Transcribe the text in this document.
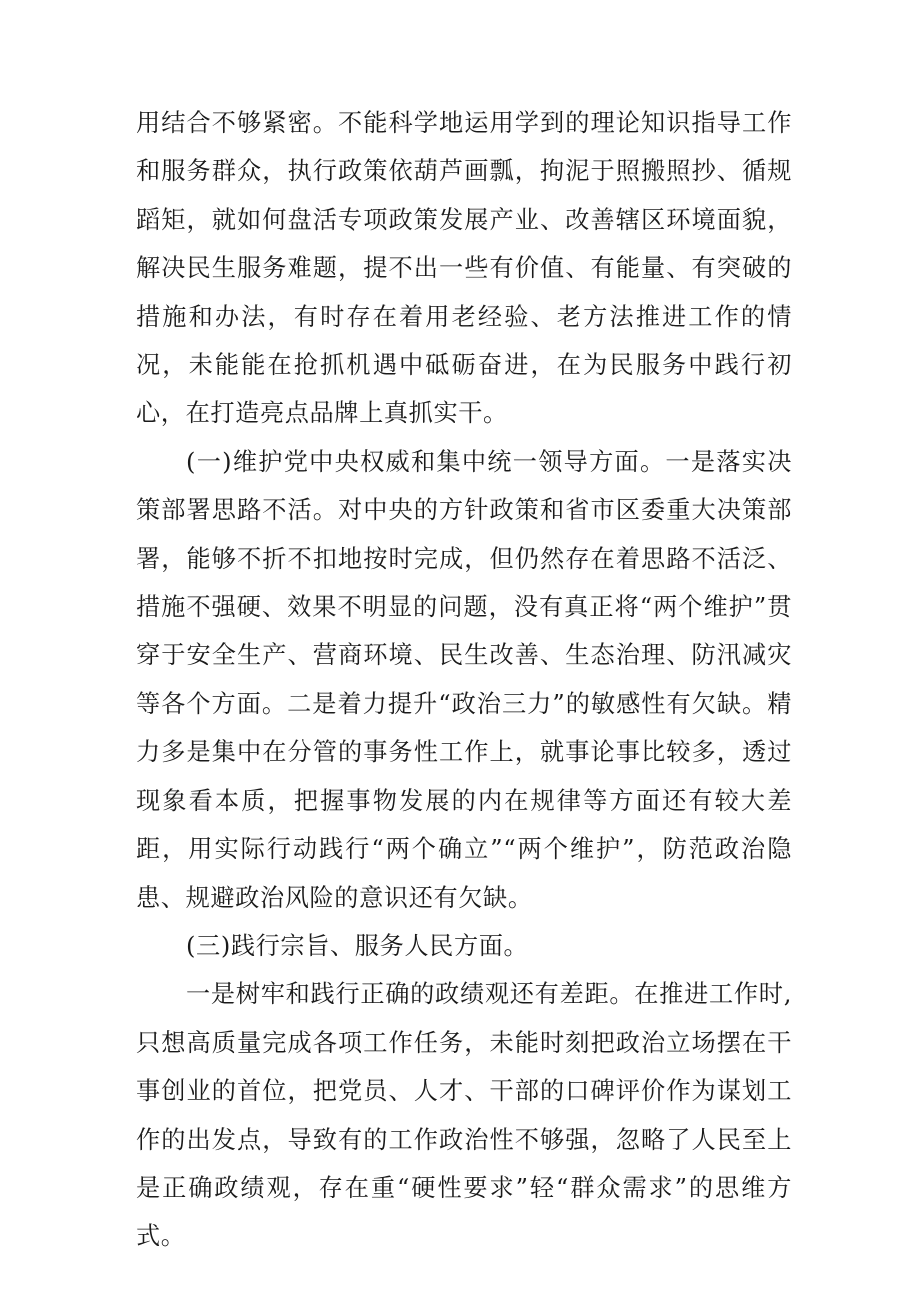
用结合不够紧密。不能科学地运用学到的理论知识指导工作和服务群众，执行政策依葫芦画瓢，拘泥于照搬照抄、循规蹈矩，就如何盘活专项政策发展产业、改善辖区环境面貌，解决民生服务难题，提不出一些有价值、有能量、有突破的措施和办法，有时存在着用老经验、老方法推进工作的情况，未能能在抢抓机遇中砥砺奋进，在为民服务中践行初心，在打造亮点品牌上真抓实干。

(一)维护党中央权威和集中统一领导方面。一是落实决策部署思路不活。对中央的方针政策和省市区委重大决策部署，能够不折不扣地按时完成，但仍然存在着思路不活泛、措施不强硬、效果不明显的问题，没有真正将“两个维护”贯穿于安全生产、营商环境、民生改善、生态治理、防汛减灾等各个方面。二是着力提升“政治三力”的敏感性有欠缺。精力多是集中在分管的事务性工作上，就事论事比较多，透过现象看本质，把握事物发展的内在规律等方面还有较大差距，用实际行动践行“两个确立”“两个维护”，防范政治隐患、规避政治风险的意识还有欠缺。

(三)践行宗旨、服务人民方面。

一是树牢和践行正确的政绩观还有差距。在推进工作时,只想高质量完成各项工作任务，未能时刻把政治立场摆在干事创业的首位，把党员、人才、干部的口碑评价作为谋划工作的出发点，导致有的工作政治性不够强，忽略了人民至上是正确政绩观，存在重“硬性要求”轻“群众需求”的思维方式。
